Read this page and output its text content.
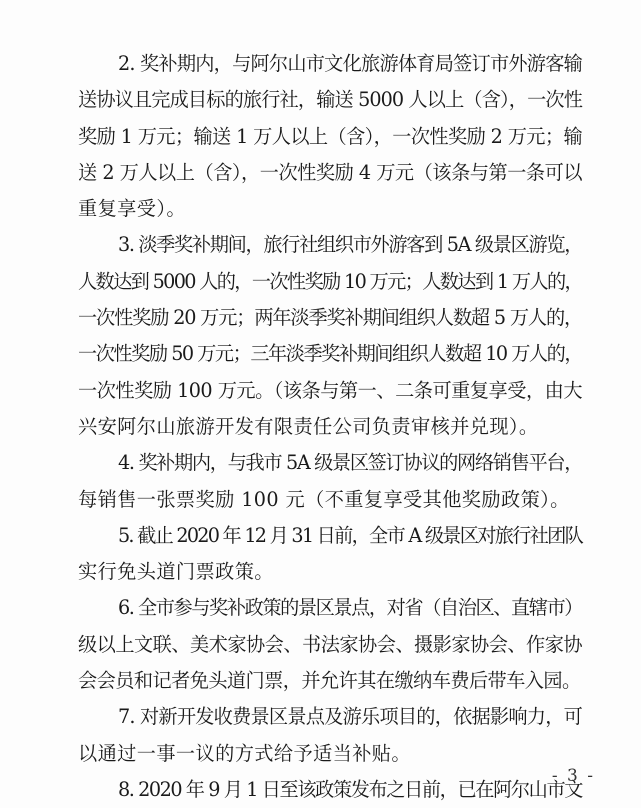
2. 奖补期内，与阿尔山市文化旅游体育局签订市外游客输
送协议且完成目标的旅行社，输送 5000 人以上（含），一次性
奖励 1 万元；输送 1 万人以上（含），一次性奖励 2 万元；输
送 2 万人以上（含），一次性奖励 4 万元（该条与第一条可以
重复享受）。

3. 淡季奖补期间，旅行社组织市外游客到 5A 级景区游览，
人数达到 5000 人的，一次性奖励 10 万元；人数达到 1 万人的，
一次性奖励 20 万元；两年淡季奖补期间组织人数超 5 万人的，
一次性奖励 50 万元；三年淡季奖补期间组织人数超 10 万人的，
一次性奖励 100 万元。（该条与第一、二条可重复享受，由大
兴安阿尔山旅游开发有限责任公司负责审核并兑现）。

4. 奖补期内，与我市 5A 级景区签订协议的网络销售平台，
每销售一张票奖励 100 元（不重复享受其他奖励政策）。

5. 截止 2020 年 12 月 31 日前，全市 A 级景区对旅行社团队
实行免头道门票政策。

6. 全市参与奖补政策的景区景点，对省（自治区、直辖市）
级以上文联、美术家协会、书法家协会、摄影家协会、作家协
会会员和记者免头道门票，并允许其在缴纳车费后带车入园。

7. 对新开发收费景区景点及游乐项目的，依据影响力，可
以通过一事一议的方式给予适当补贴。

8. 2020 年 9 月 1 日至该政策发布之日前，已在阿尔山市文

- 3 -
